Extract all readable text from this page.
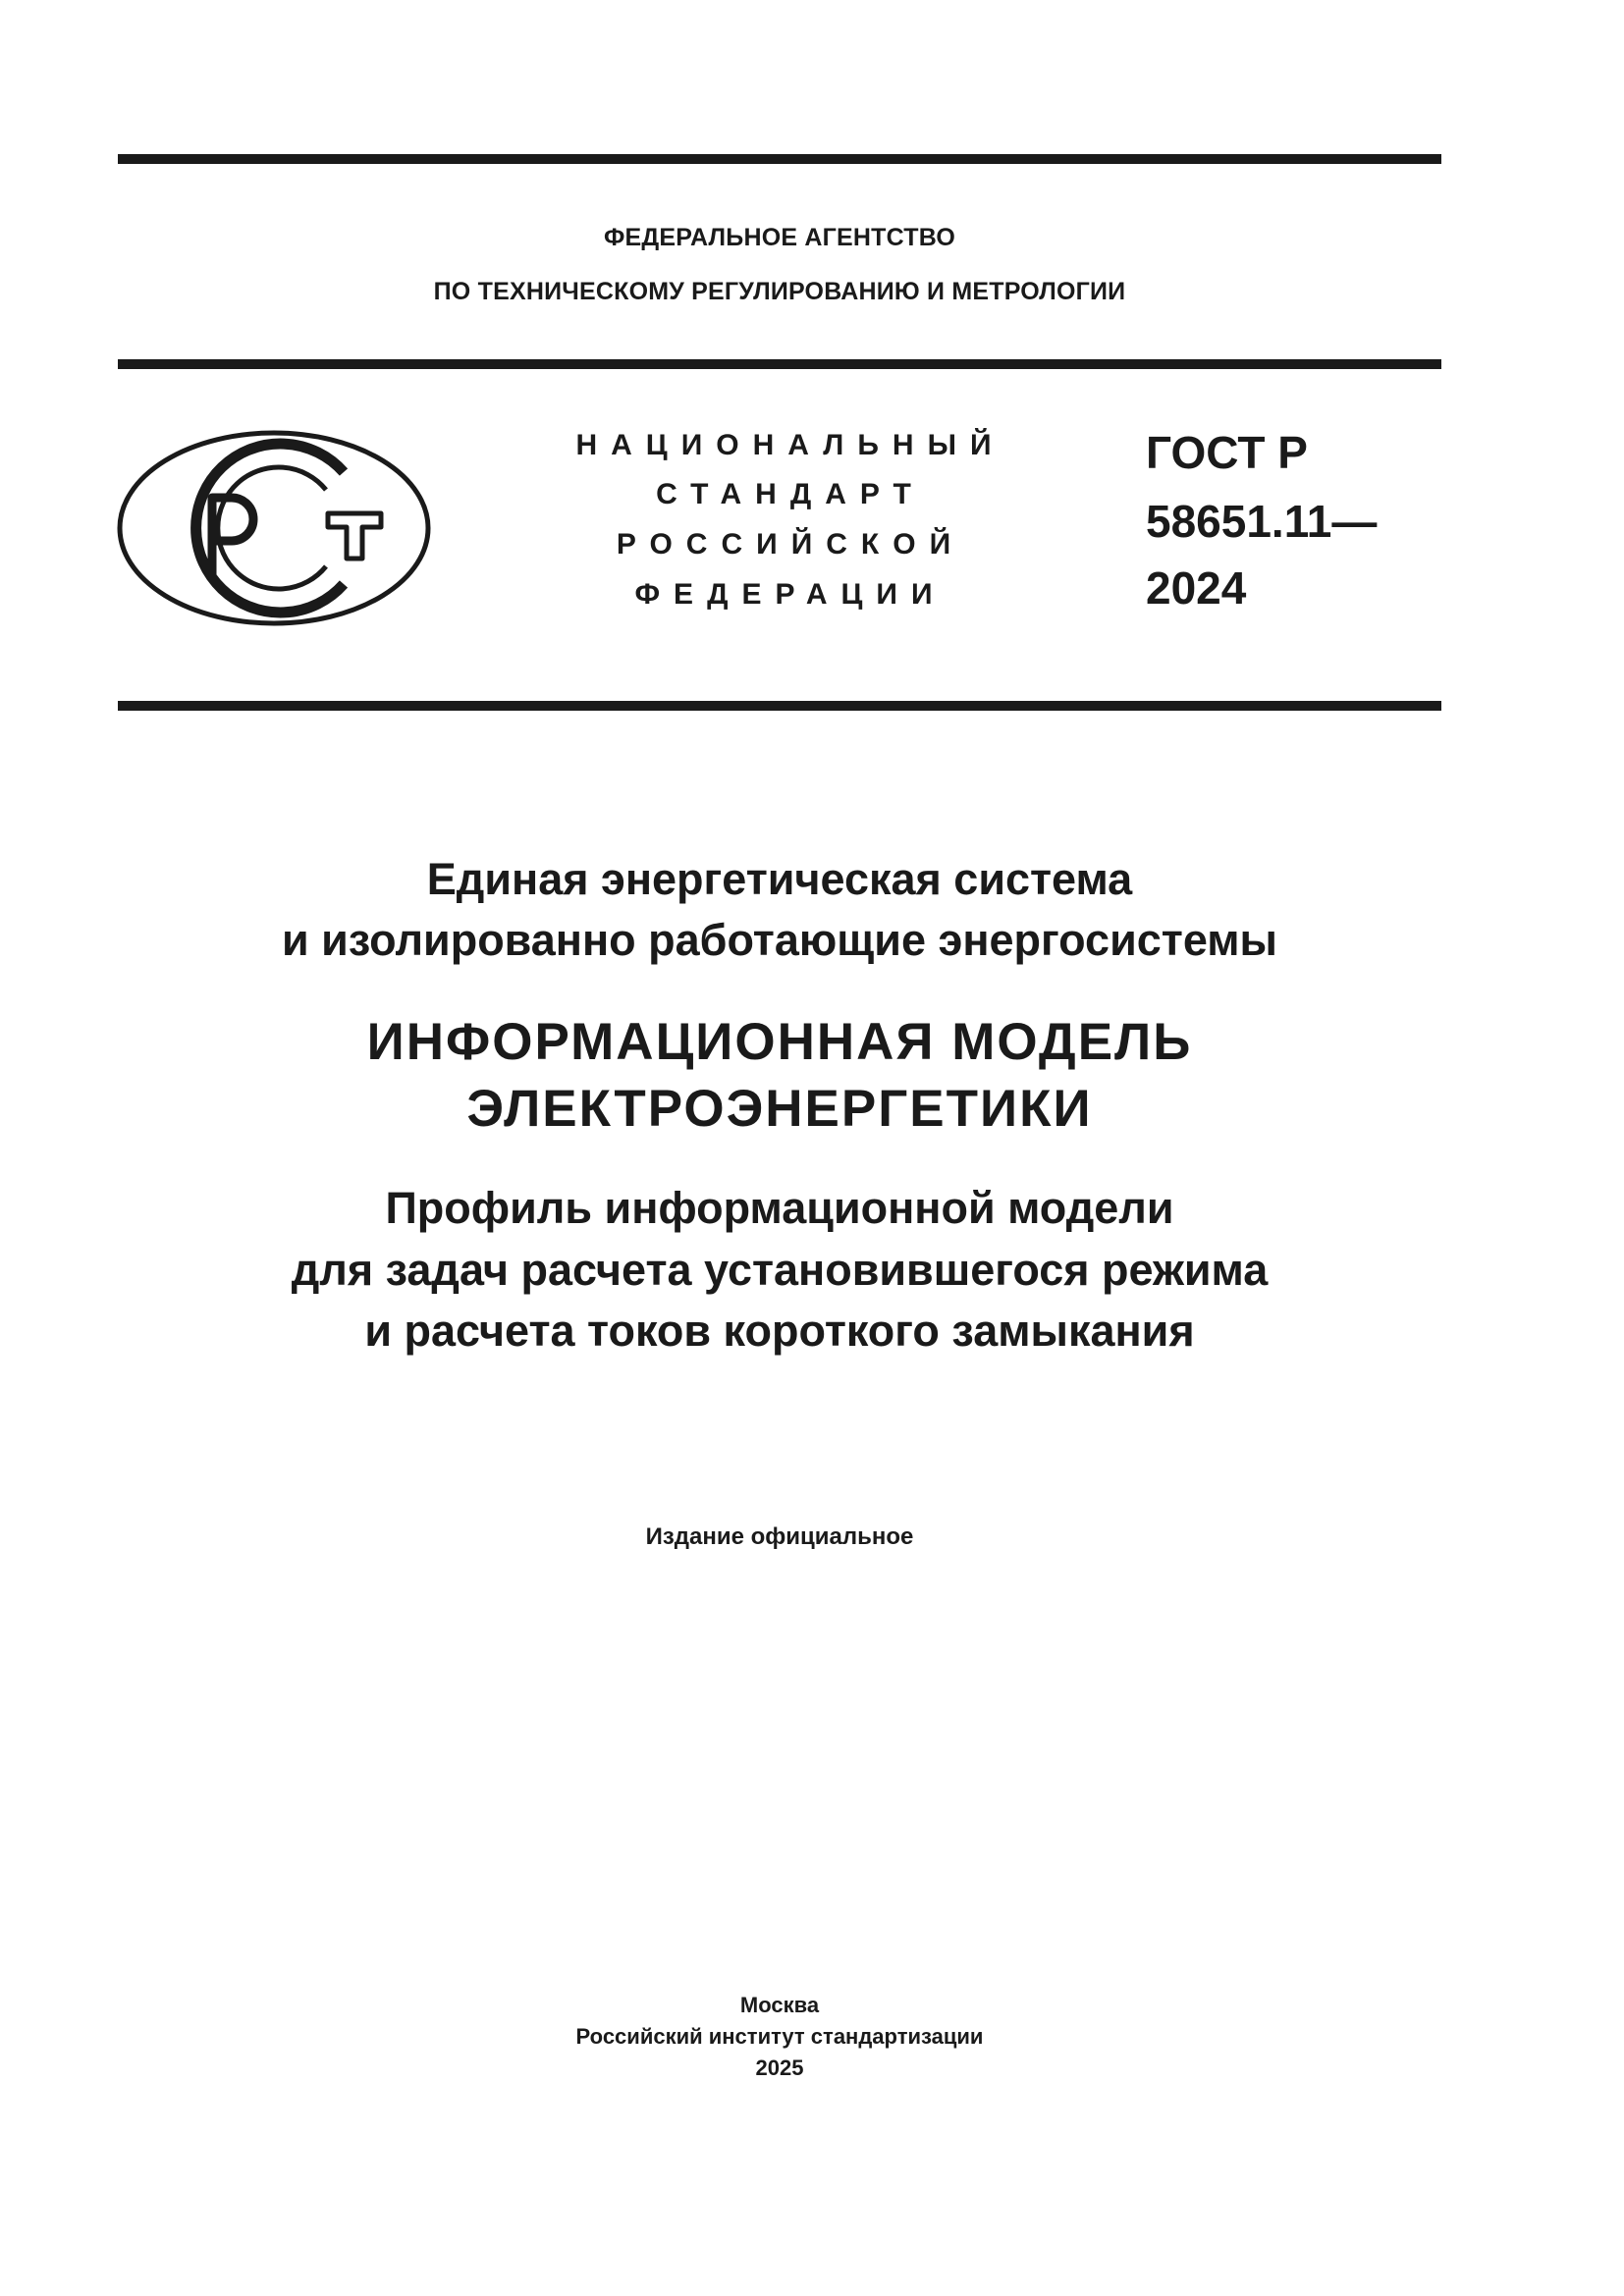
ФЕДЕРАЛЬНОЕ АГЕНТСТВО
ПО ТЕХНИЧЕСКОМУ РЕГУЛИРОВАНИЮ И МЕТРОЛОГИИ
НАЦИОНАЛЬНЫЙ
СТАНДАРТ
РОССИЙСКОЙ
ФЕДЕРАЦИИ
ГОСТ Р
58651.11—
2024
Единая энергетическая система
и изолированно работающие энергосистемы
ИНФОРМАЦИОННАЯ МОДЕЛЬ
ЭЛЕКТРОЭНЕРГЕТИКИ
Профиль информационной модели
для задач расчета установившегося режима
и расчета токов короткого замыкания
Издание официальное
Москва
Российский институт стандартизации
2025
